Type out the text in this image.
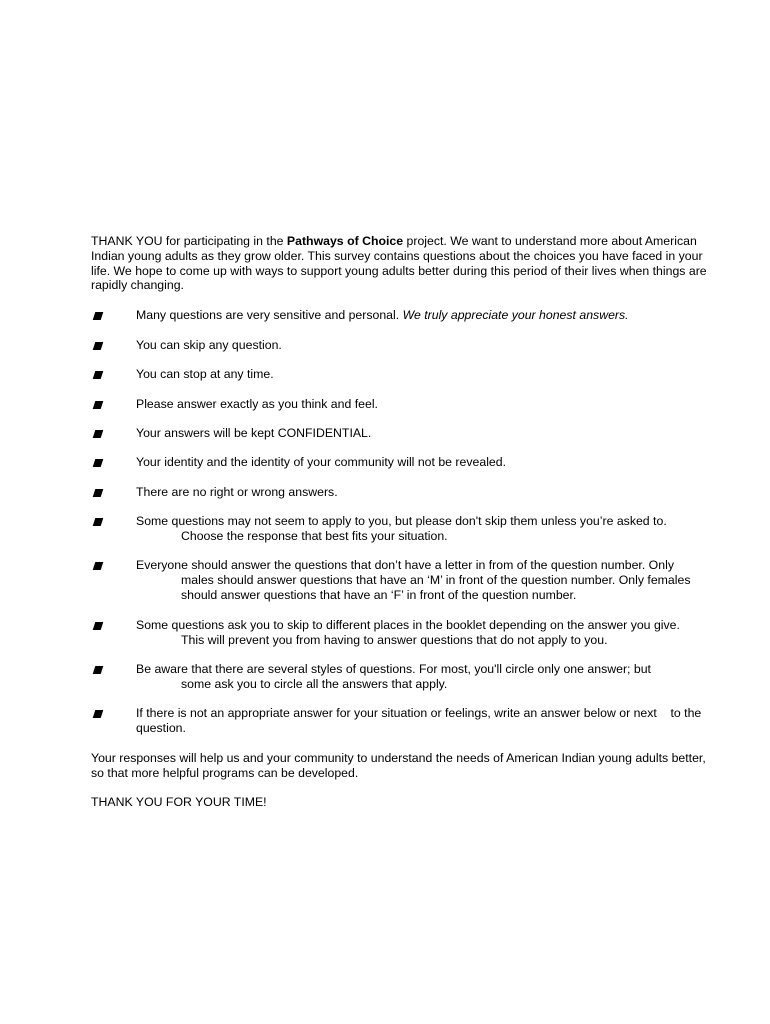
THANK YOU for participating in the Pathways of Choice project. We want to understand more about American Indian young adults as they grow older. This survey contains questions about the choices you have faced in your life. We hope to come up with ways to support young adults better during this period of their lives when things are rapidly changing.

Many questions are very sensitive and personal. We truly appreciate your honest answers.
You can skip any question.
You can stop at any time.
Please answer exactly as you think and feel.
Your answers will be kept CONFIDENTIAL.
Your identity and the identity of your community will not be revealed.
There are no right or wrong answers.
Some questions may not seem to apply to you, but please don't skip them unless you’re asked to.
Choose the response that best fits your situation.
Everyone should answer the questions that don’t have a letter in from of the question number. Only
males should answer questions that have an ‘M’ in front of the question number. Only females
should answer questions that have an ‘F’ in front of the question number.
Some questions ask you to skip to different places in the booklet depending on the answer you give.
This will prevent you from having to answer questions that do not apply to you.
Be aware that there are several styles of questions. For most, you'll circle only one answer; but
some ask you to circle all the answers that apply.
If there is not an appropriate answer for your situation or feelings, write an answer below or next    to the question.

Your responses will help us and your community to understand the needs of American Indian young adults better, so that more helpful programs can be developed.

THANK YOU FOR YOUR TIME!
